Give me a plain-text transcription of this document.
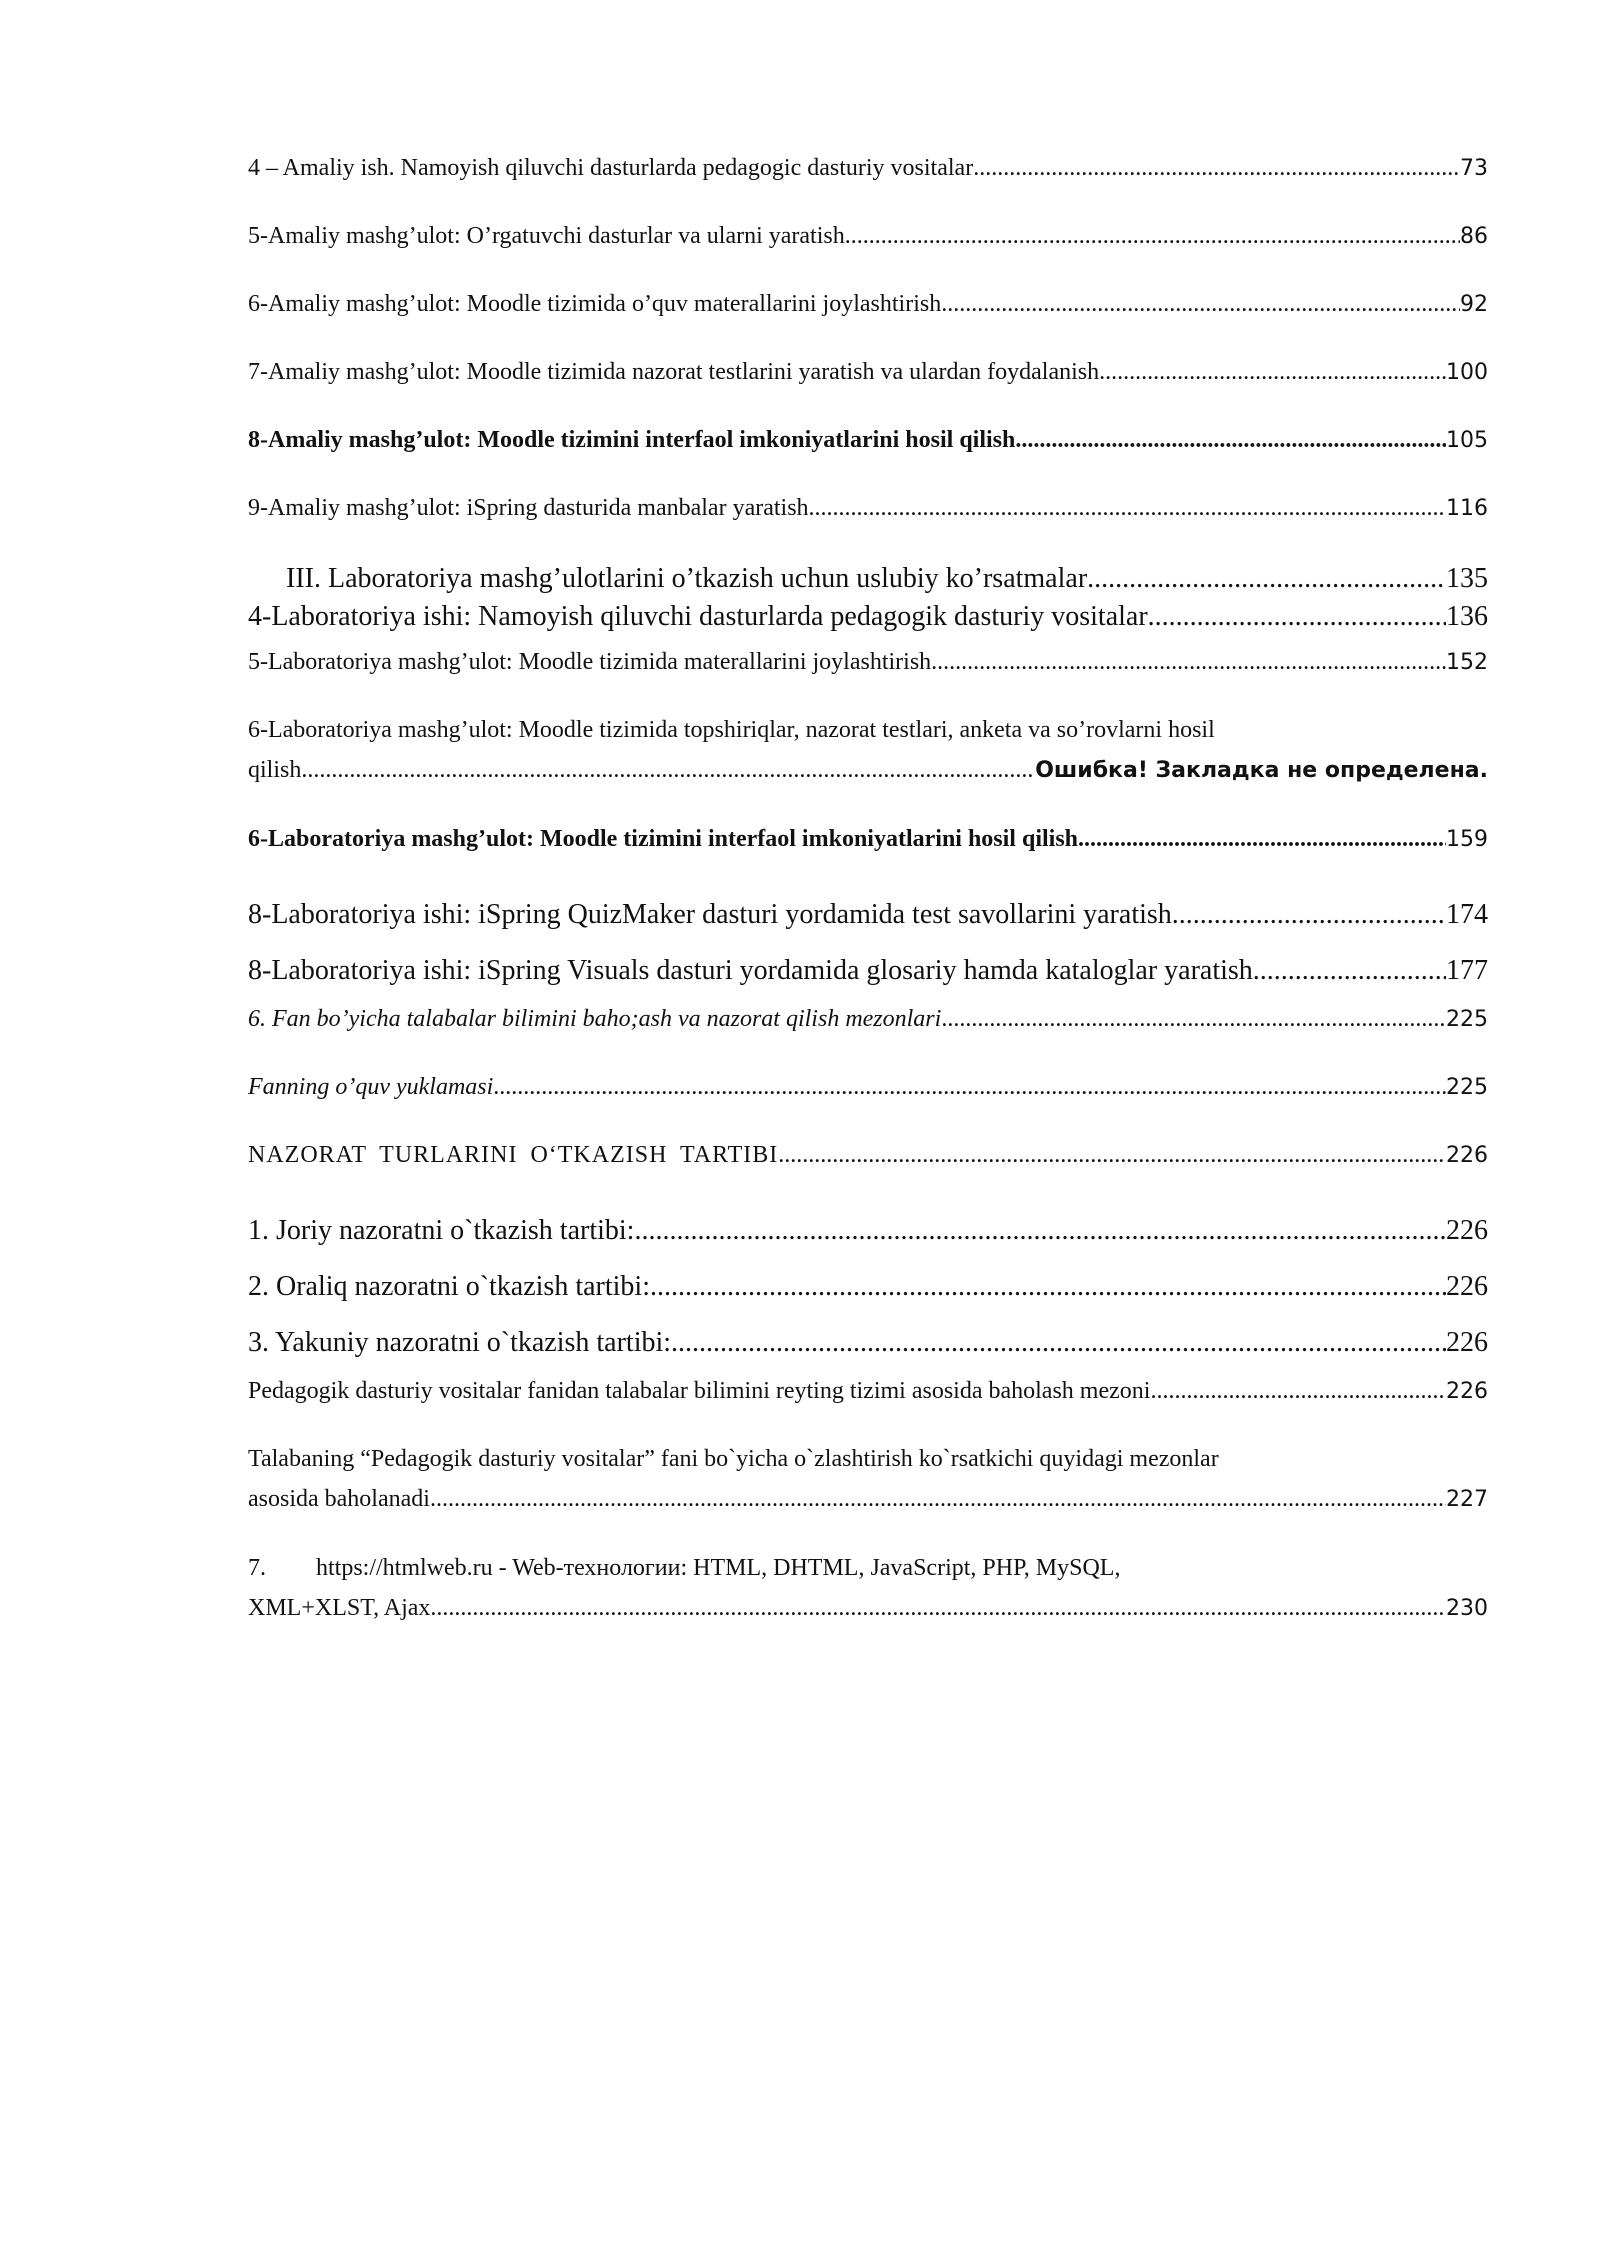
4 – Amaliy ish. Namoyish qiluvchi dasturlarda pedagogic dasturiy vositalar .....	73
5-Amaliy mashg’ulot: O’rgatuvchi dasturlar va ularni yaratish .....	86
6-Amaliy mashg’ulot: Moodle tizimida o’quv materallarini joylashtirish .....	92
7-Amaliy mashg’ulot: Moodle tizimida nazorat testlarini yaratish va ulardan foydalanish .....	100
8-Amaliy mashg’ulot: Moodle tizimini interfaol imkoniyatlarini hosil qilish. .....	105
9-Amaliy mashg’ulot: iSpring dasturida manbalar yaratish .....	116
III. Laboratoriya mashg’ulotlarini o’tkazish uchun uslubiy ko’rsatmalar .....	135
4-Laboratoriya ishi: Namoyish qiluvchi dasturlarda pedagogik dasturiy vositalar .....	136
5-Laboratoriya mashg’ulot: Moodle tizimida materallarini joylashtirish .....	152
6-Laboratoriya mashg’ulot: Moodle tizimida topshiriqlar, nazorat testlari, anketa va so’rovlarni hosil
qilish .....	Ошибка! Закладка не определена.
6-Laboratoriya mashg’ulot: Moodle tizimini interfaol imkoniyatlarini hosil qilish. .....	159
8-Laboratoriya ishi: iSpring QuizMaker dasturi yordamida test savollarini yaratish .....	174
8-Laboratoriya ishi: iSpring Visuals dasturi yordamida glosariy hamda kataloglar yaratish .....	177
6. Fan bo’yicha talabalar bilimini baho;ash va nazorat qilish mezonlari .....	225
Fanning o’quv yuklamasi .....	225
NAZORAT TURLARINI O‘TKAZISH TARTIBI .....	226
1. Joriy nazoratni o`tkazish tartibi: .....	226
2. Oraliq nazoratni o`tkazish tartibi: .....	226
3. Yakuniy nazoratni o`tkazish tartibi: .....	226
Pedagogik dasturiy vositalar fanidan talabalar bilimini reyting tizimi asosida baholash mezoni .....	226
Talabaning “Pedagogik dasturiy vositalar” fani bo`yicha o`zlashtirish ko`rsatkichi quyidagi mezonlar
asosida baholanadi .....	227
7. https://htmlweb.ru - Web-технологии: HTML, DHTML, JavaScript, PHP, MySQL,
XML+XLST, Ajax .....	230
